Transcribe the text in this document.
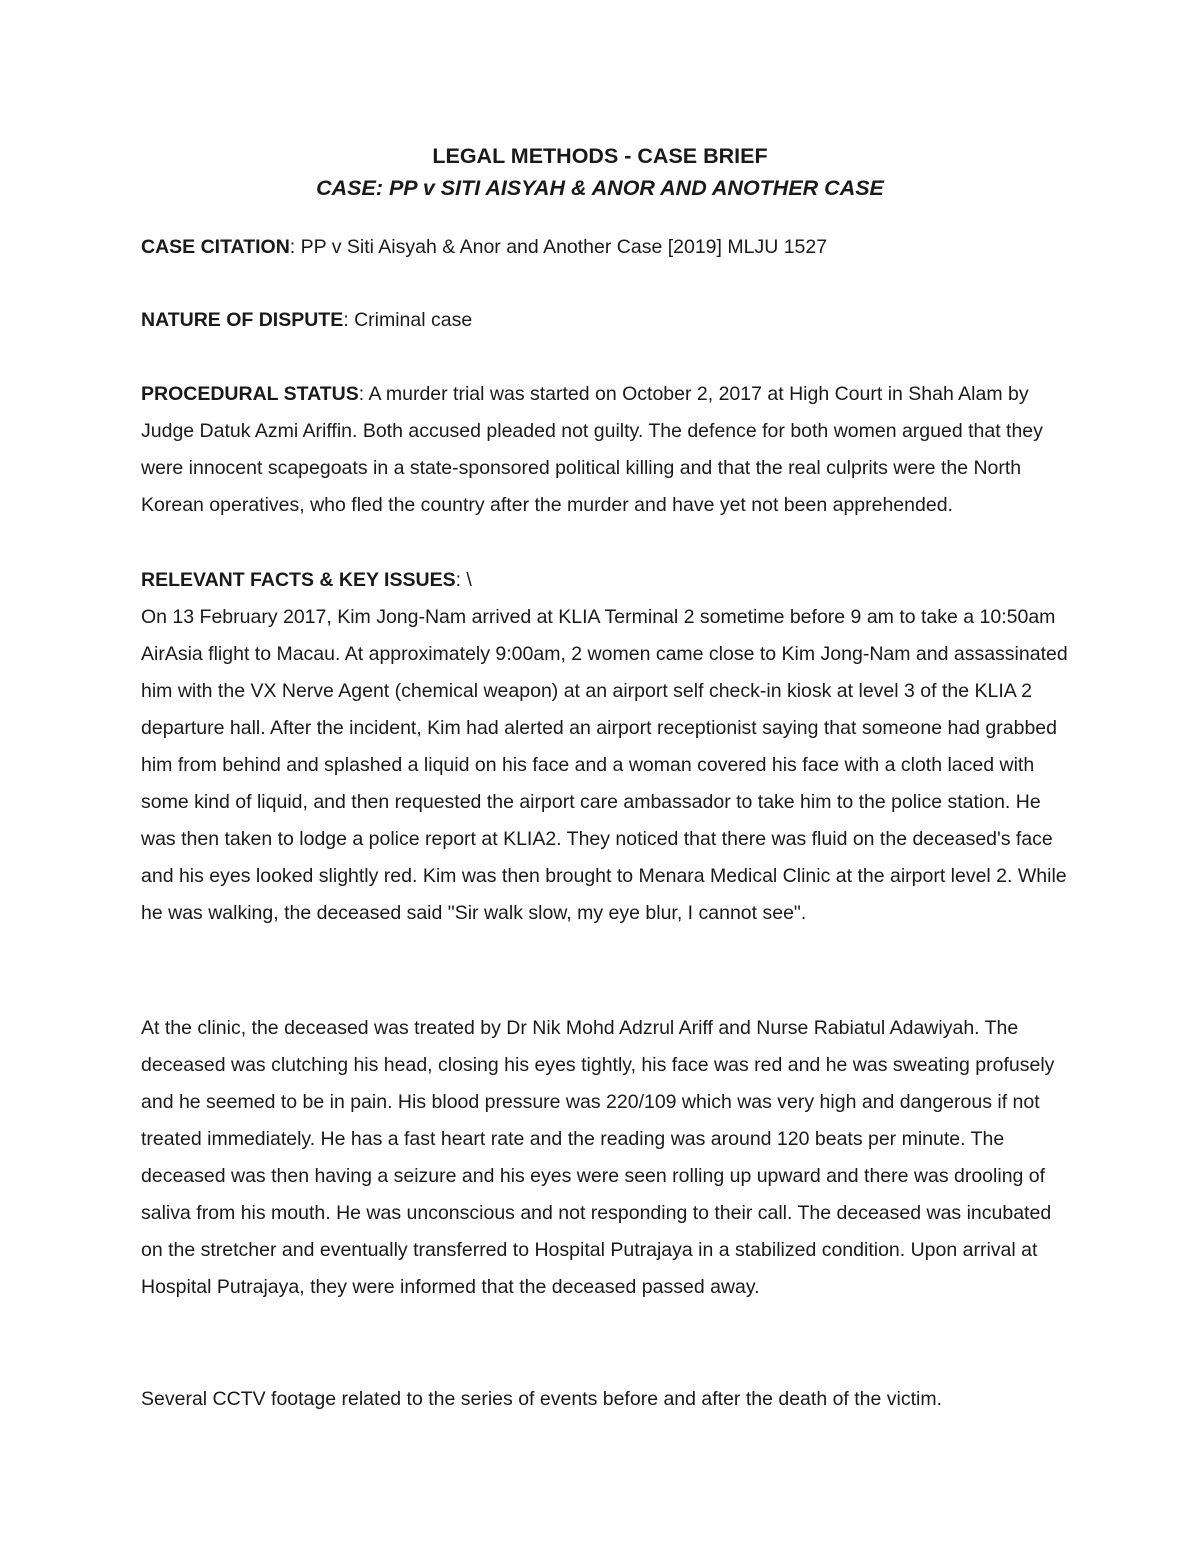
LEGAL METHODS - CASE BRIEF
CASE: PP v SITI AISYAH & ANOR AND ANOTHER CASE

CASE CITATION: PP v Siti Aisyah & Anor and Another Case [2019] MLJU 1527

NATURE OF DISPUTE: Criminal case

PROCEDURAL STATUS: A murder trial was started on October 2, 2017 at High Court in Shah Alam by Judge Datuk Azmi Ariffin. Both accused pleaded not guilty. The defence for both women argued that they were innocent scapegoats in a state-sponsored political killing and that the real culprits were the North Korean operatives, who fled the country after the murder and have yet not been apprehended.

RELEVANT FACTS & KEY ISSUES: \

On 13 February 2017, Kim Jong-Nam arrived at KLIA Terminal 2 sometime before 9 am to take a 10:50am AirAsia flight to Macau. At approximately 9:00am, 2 women came close to Kim Jong-Nam and assassinated him with the VX Nerve Agent (chemical weapon) at an airport self check-in kiosk at level 3 of the KLIA 2 departure hall. After the incident, Kim had alerted an airport receptionist saying that someone had grabbed him from behind and splashed a liquid on his face and a woman covered his face with a cloth laced with some kind of liquid, and then requested the airport care ambassador to take him to the police station. He was then taken to lodge a police report at KLIA2. They noticed that there was fluid on the deceased's face and his eyes looked slightly red. Kim was then brought to Menara Medical Clinic at the airport level 2. While he was walking, the deceased said "Sir walk slow, my eye blur, I cannot see".

At the clinic, the deceased was treated by Dr Nik Mohd Adzrul Ariff and Nurse Rabiatul Adawiyah. The deceased was clutching his head, closing his eyes tightly, his face was red and he was sweating profusely and he seemed to be in pain. His blood pressure was 220/109 which was very high and dangerous if not treated immediately. He has a fast heart rate and the reading was around 120 beats per minute. The deceased was then having a seizure and his eyes were seen rolling up upward and there was drooling of saliva from his mouth. He was unconscious and not responding to their call. The deceased was incubated on the stretcher and eventually transferred to Hospital Putrajaya in a stabilized condition. Upon arrival at Hospital Putrajaya, they were informed that the deceased passed away.

Several CCTV footage related to the series of events before and after the death of the victim.
